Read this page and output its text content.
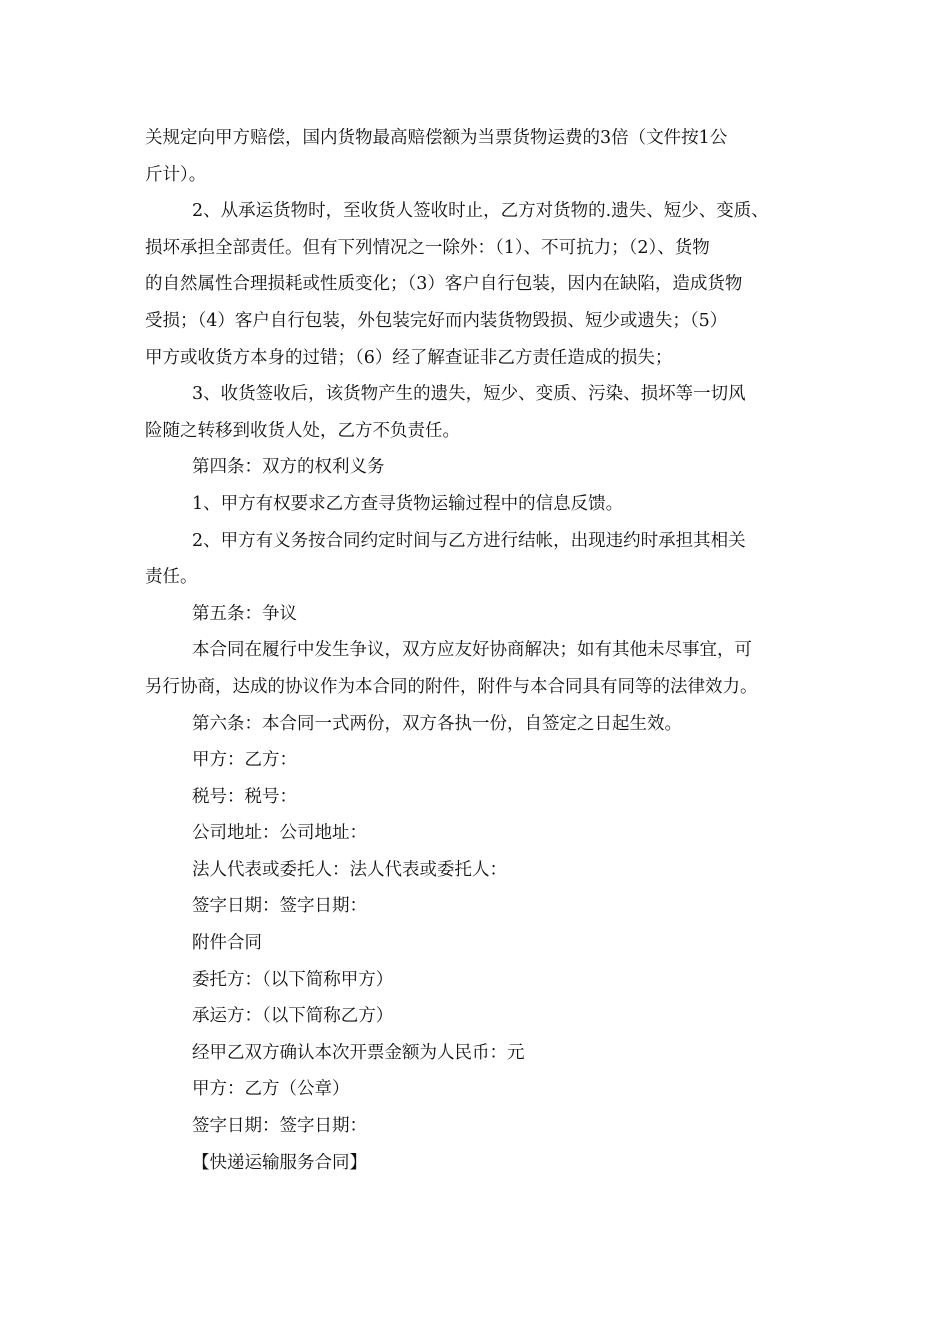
关规定向甲方赔偿，国内货物最高赔偿额为当票货物运费的3倍（文件按1公
斤计）。
2、从承运货物时，至收货人签收时止，乙方对货物的.遗失、短少、变质、
损坏承担全部责任。但有下列情况之一除外：（1）、不可抗力；（2）、货物
的自然属性合理损耗或性质变化；（3）客户自行包装，因内在缺陷，造成货物
受损；（4）客户自行包装，外包装完好而内装货物毁损、短少或遗失；（5）
甲方或收货方本身的过错；（6）经了解查证非乙方责任造成的损失；
3、收货签收后，该货物产生的遗失，短少、变质、污染、损坏等一切风
险随之转移到收货人处，乙方不负责任。
第四条：双方的权利义务
1、甲方有权要求乙方查寻货物运输过程中的信息反馈。
2、甲方有义务按合同约定时间与乙方进行结帐，出现违约时承担其相关
责任。
第五条：争议
本合同在履行中发生争议，双方应友好协商解决；如有其他未尽事宜，可
另行协商，达成的协议作为本合同的附件，附件与本合同具有同等的法律效力。
第六条：本合同一式两份，双方各执一份，自签定之日起生效。
甲方：乙方：
税号：税号：
公司地址：公司地址：
法人代表或委托人：法人代表或委托人：
签字日期：签字日期：
附件合同
委托方：（以下简称甲方）
承运方：（以下简称乙方）
经甲乙双方确认本次开票金额为人民币：元
甲方：乙方（公章）
签字日期：签字日期：
【快递运输服务合同】
